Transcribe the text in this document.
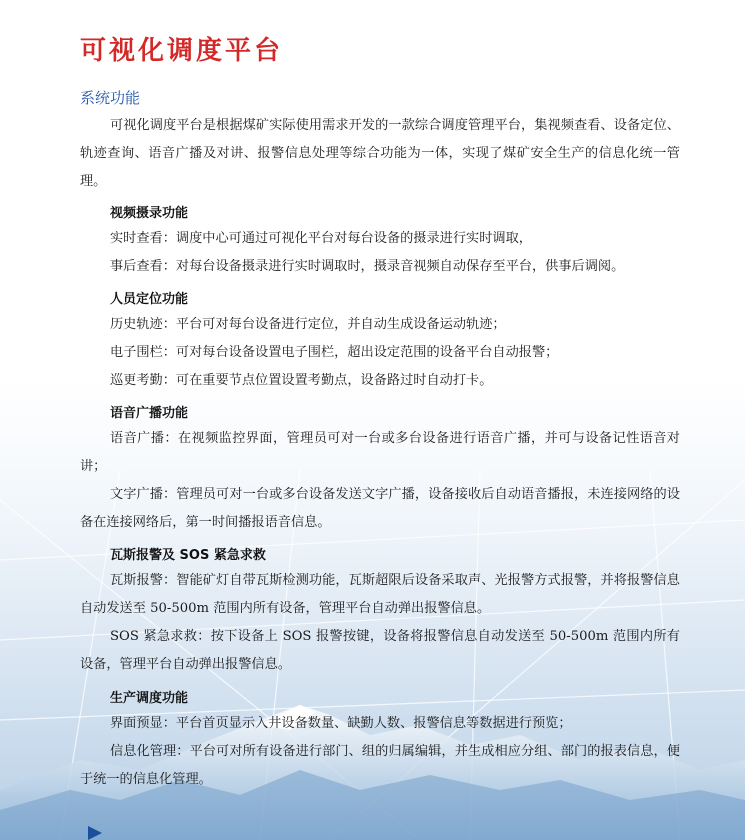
可视化调度平台
系统功能

可视化调度平台是根据煤矿实际使用需求开发的一款综合调度管理平台，集视频查看、设备定位、轨迹查询、语音广播及对讲、报警信息处理等综合功能为一体，实现了煤矿安全生产的信息化统一管理。

视频摄录功能

实时查看：调度中心可通过可视化平台对每台设备的摄录进行实时调取，

事后查看：对每台设备摄录进行实时调取时，摄录音视频自动保存至平台，供事后调阅。

人员定位功能

历史轨迹：平台可对每台设备进行定位，并自动生成设备运动轨迹；

电子围栏：可对每台设备设置电子围栏，超出设定范围的设备平台自动报警；

巡更考勤：可在重要节点位置设置考勤点，设备路过时自动打卡。

语音广播功能

语音广播：在视频监控界面，管理员可对一台或多台设备进行语音广播，并可与设备记性语音对讲；

文字广播：管理员可对一台或多台设备发送文字广播，设备接收后自动语音播报，未连接网络的设备在连接网络后，第一时间播报语音信息。

瓦斯报警及 SOS 紧急求救

瓦斯报警：智能矿灯自带瓦斯检测功能，瓦斯超限后设备采取声、光报警方式报警，并将报警信息自动发送至 50-500m 范围内所有设备，管理平台自动弹出报警信息。

SOS 紧急求救：按下设备上 SOS 报警按键，设备将报警信息自动发送至 50-500m 范围内所有设备，管理平台自动弹出报警信息。

生产调度功能

界面预显：平台首页显示入井设备数量、缺勤人数、报警信息等数据进行预览；

信息化管理：平台可对所有设备进行部门、组的归属编辑，并生成相应分组、部门的报表信息，便于统一的信息化管理。
